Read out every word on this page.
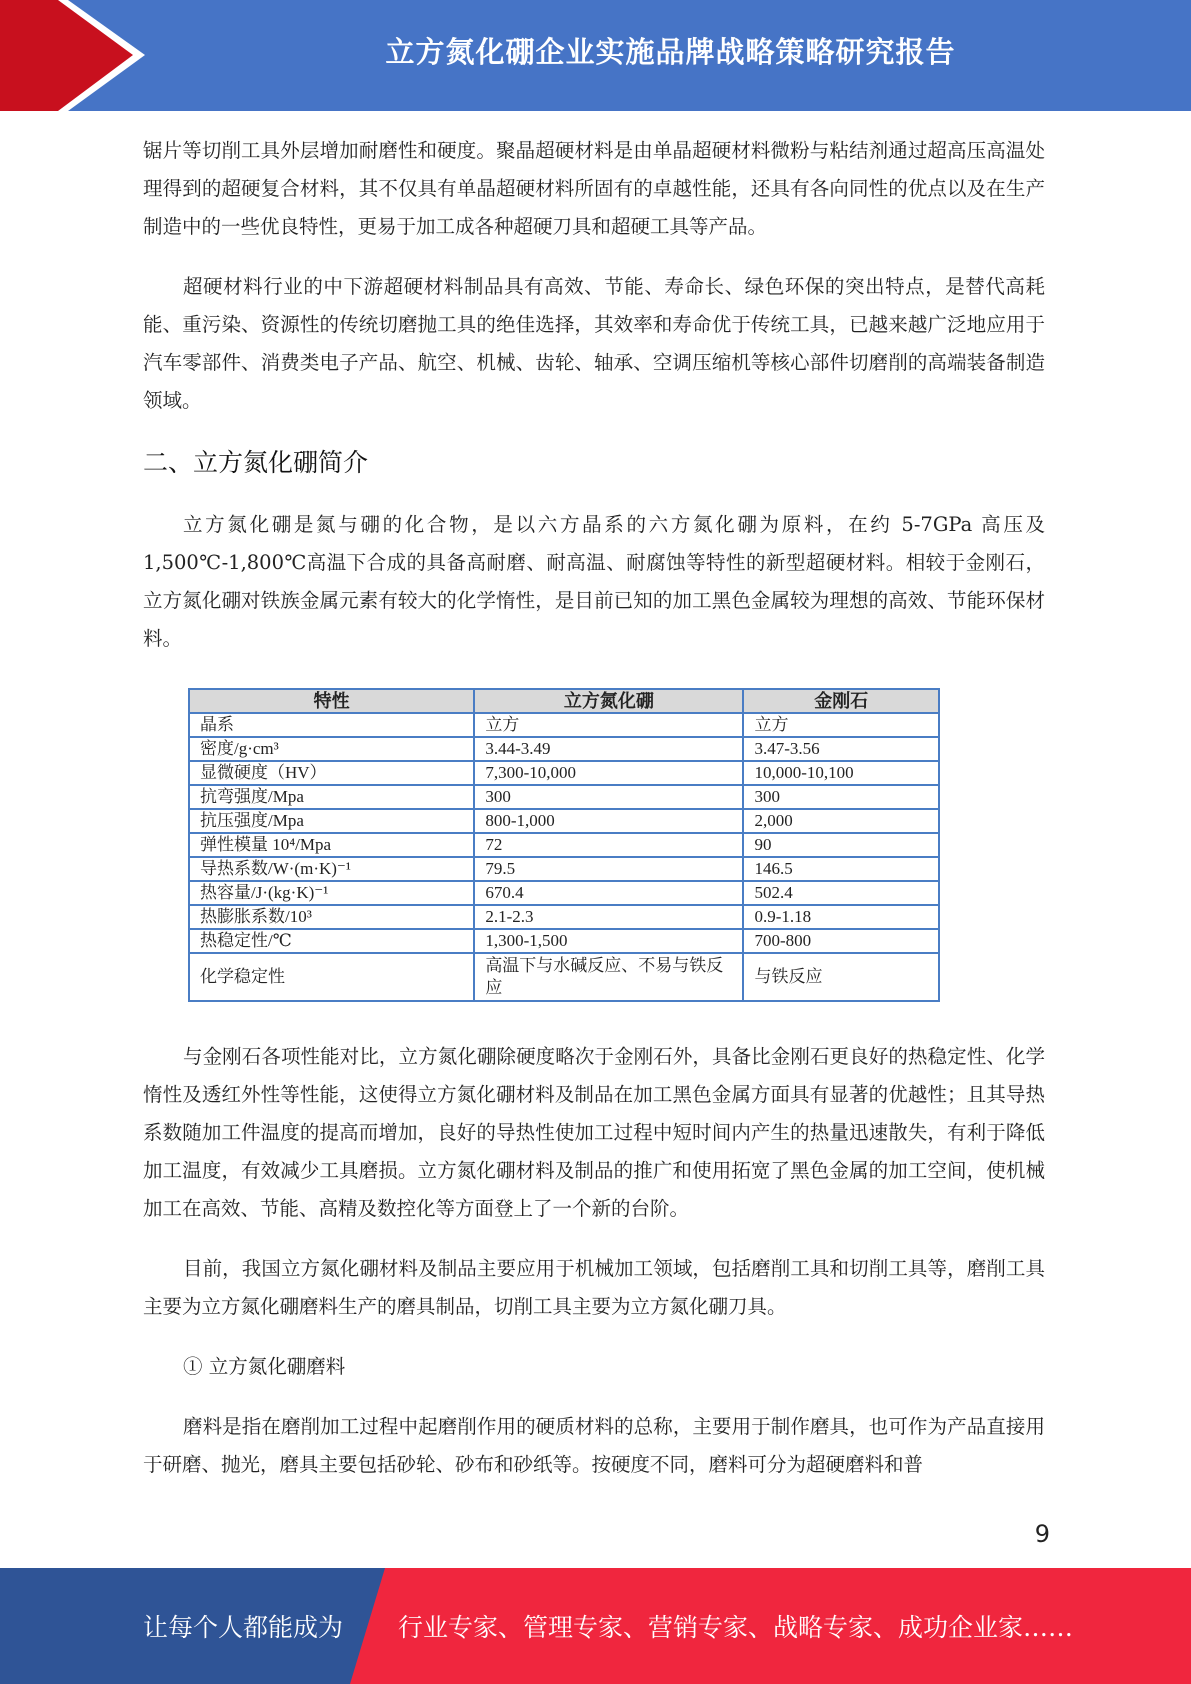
立方氮化硼企业实施品牌战略策略研究报告

锯片等切削工具外层增加耐磨性和硬度。聚晶超硬材料是由单晶超硬材料微粉与粘结剂通过超高压高温处理得到的超硬复合材料，其不仅具有单晶超硬材料所固有的卓越性能，还具有各向同性的优点以及在生产制造中的一些优良特性，更易于加工成各种超硬刀具和超硬工具等产品。

超硬材料行业的中下游超硬材料制品具有高效、节能、寿命长、绿色环保的突出特点，是替代高耗能、重污染、资源性的传统切磨抛工具的绝佳选择，其效率和寿命优于传统工具，已越来越广泛地应用于汽车零部件、消费类电子产品、航空、机械、齿轮、轴承、空调压缩机等核心部件切磨削的高端装备制造领域。

二、立方氮化硼简介

立方氮化硼是氮与硼的化合物，是以六方晶系的六方氮化硼为原料，在约 5-7GPa 高压及1,500℃-1,800℃高温下合成的具备高耐磨、耐高温、耐腐蚀等特性的新型超硬材料。相较于金刚石，立方氮化硼对铁族金属元素有较大的化学惰性，是目前已知的加工黑色金属较为理想的高效、节能环保材料。

特性	立方氮化硼	金刚石
晶系	立方	立方
密度/g·cm³	3.44-3.49	3.47-3.56
显微硬度（HV）	7,300-10,000	10,000-10,100
抗弯强度/Mpa	300	300
抗压强度/Mpa	800-1,000	2,000
弹性模量 10⁴/Mpa	72	90
导热系数/W·(m·K)⁻¹	79.5	146.5
热容量/J·(kg·K)⁻¹	670.4	502.4
热膨胀系数/10³	2.1-2.3	0.9-1.18
热稳定性/℃	1,300-1,500	700-800
化学稳定性	高温下与水碱反应、不易与铁反应	与铁反应

与金刚石各项性能对比，立方氮化硼除硬度略次于金刚石外，具备比金刚石更良好的热稳定性、化学惰性及透红外性等性能，这使得立方氮化硼材料及制品在加工黑色金属方面具有显著的优越性；且其导热系数随加工件温度的提高而增加，良好的导热性使加工过程中短时间内产生的热量迅速散失，有利于降低加工温度，有效减少工具磨损。立方氮化硼材料及制品的推广和使用拓宽了黑色金属的加工空间，使机械加工在高效、节能、高精及数控化等方面登上了一个新的台阶。

目前，我国立方氮化硼材料及制品主要应用于机械加工领域，包括磨削工具和切削工具等，磨削工具主要为立方氮化硼磨料生产的磨具制品，切削工具主要为立方氮化硼刀具。

① 立方氮化硼磨料

磨料是指在磨削加工过程中起磨削作用的硬质材料的总称，主要用于制作磨具，也可作为产品直接用于研磨、抛光，磨具主要包括砂轮、砂布和砂纸等。按硬度不同，磨料可分为超硬磨料和普

9
让每个人都能成为 行业专家、管理专家、营销专家、战略专家、成功企业家……
